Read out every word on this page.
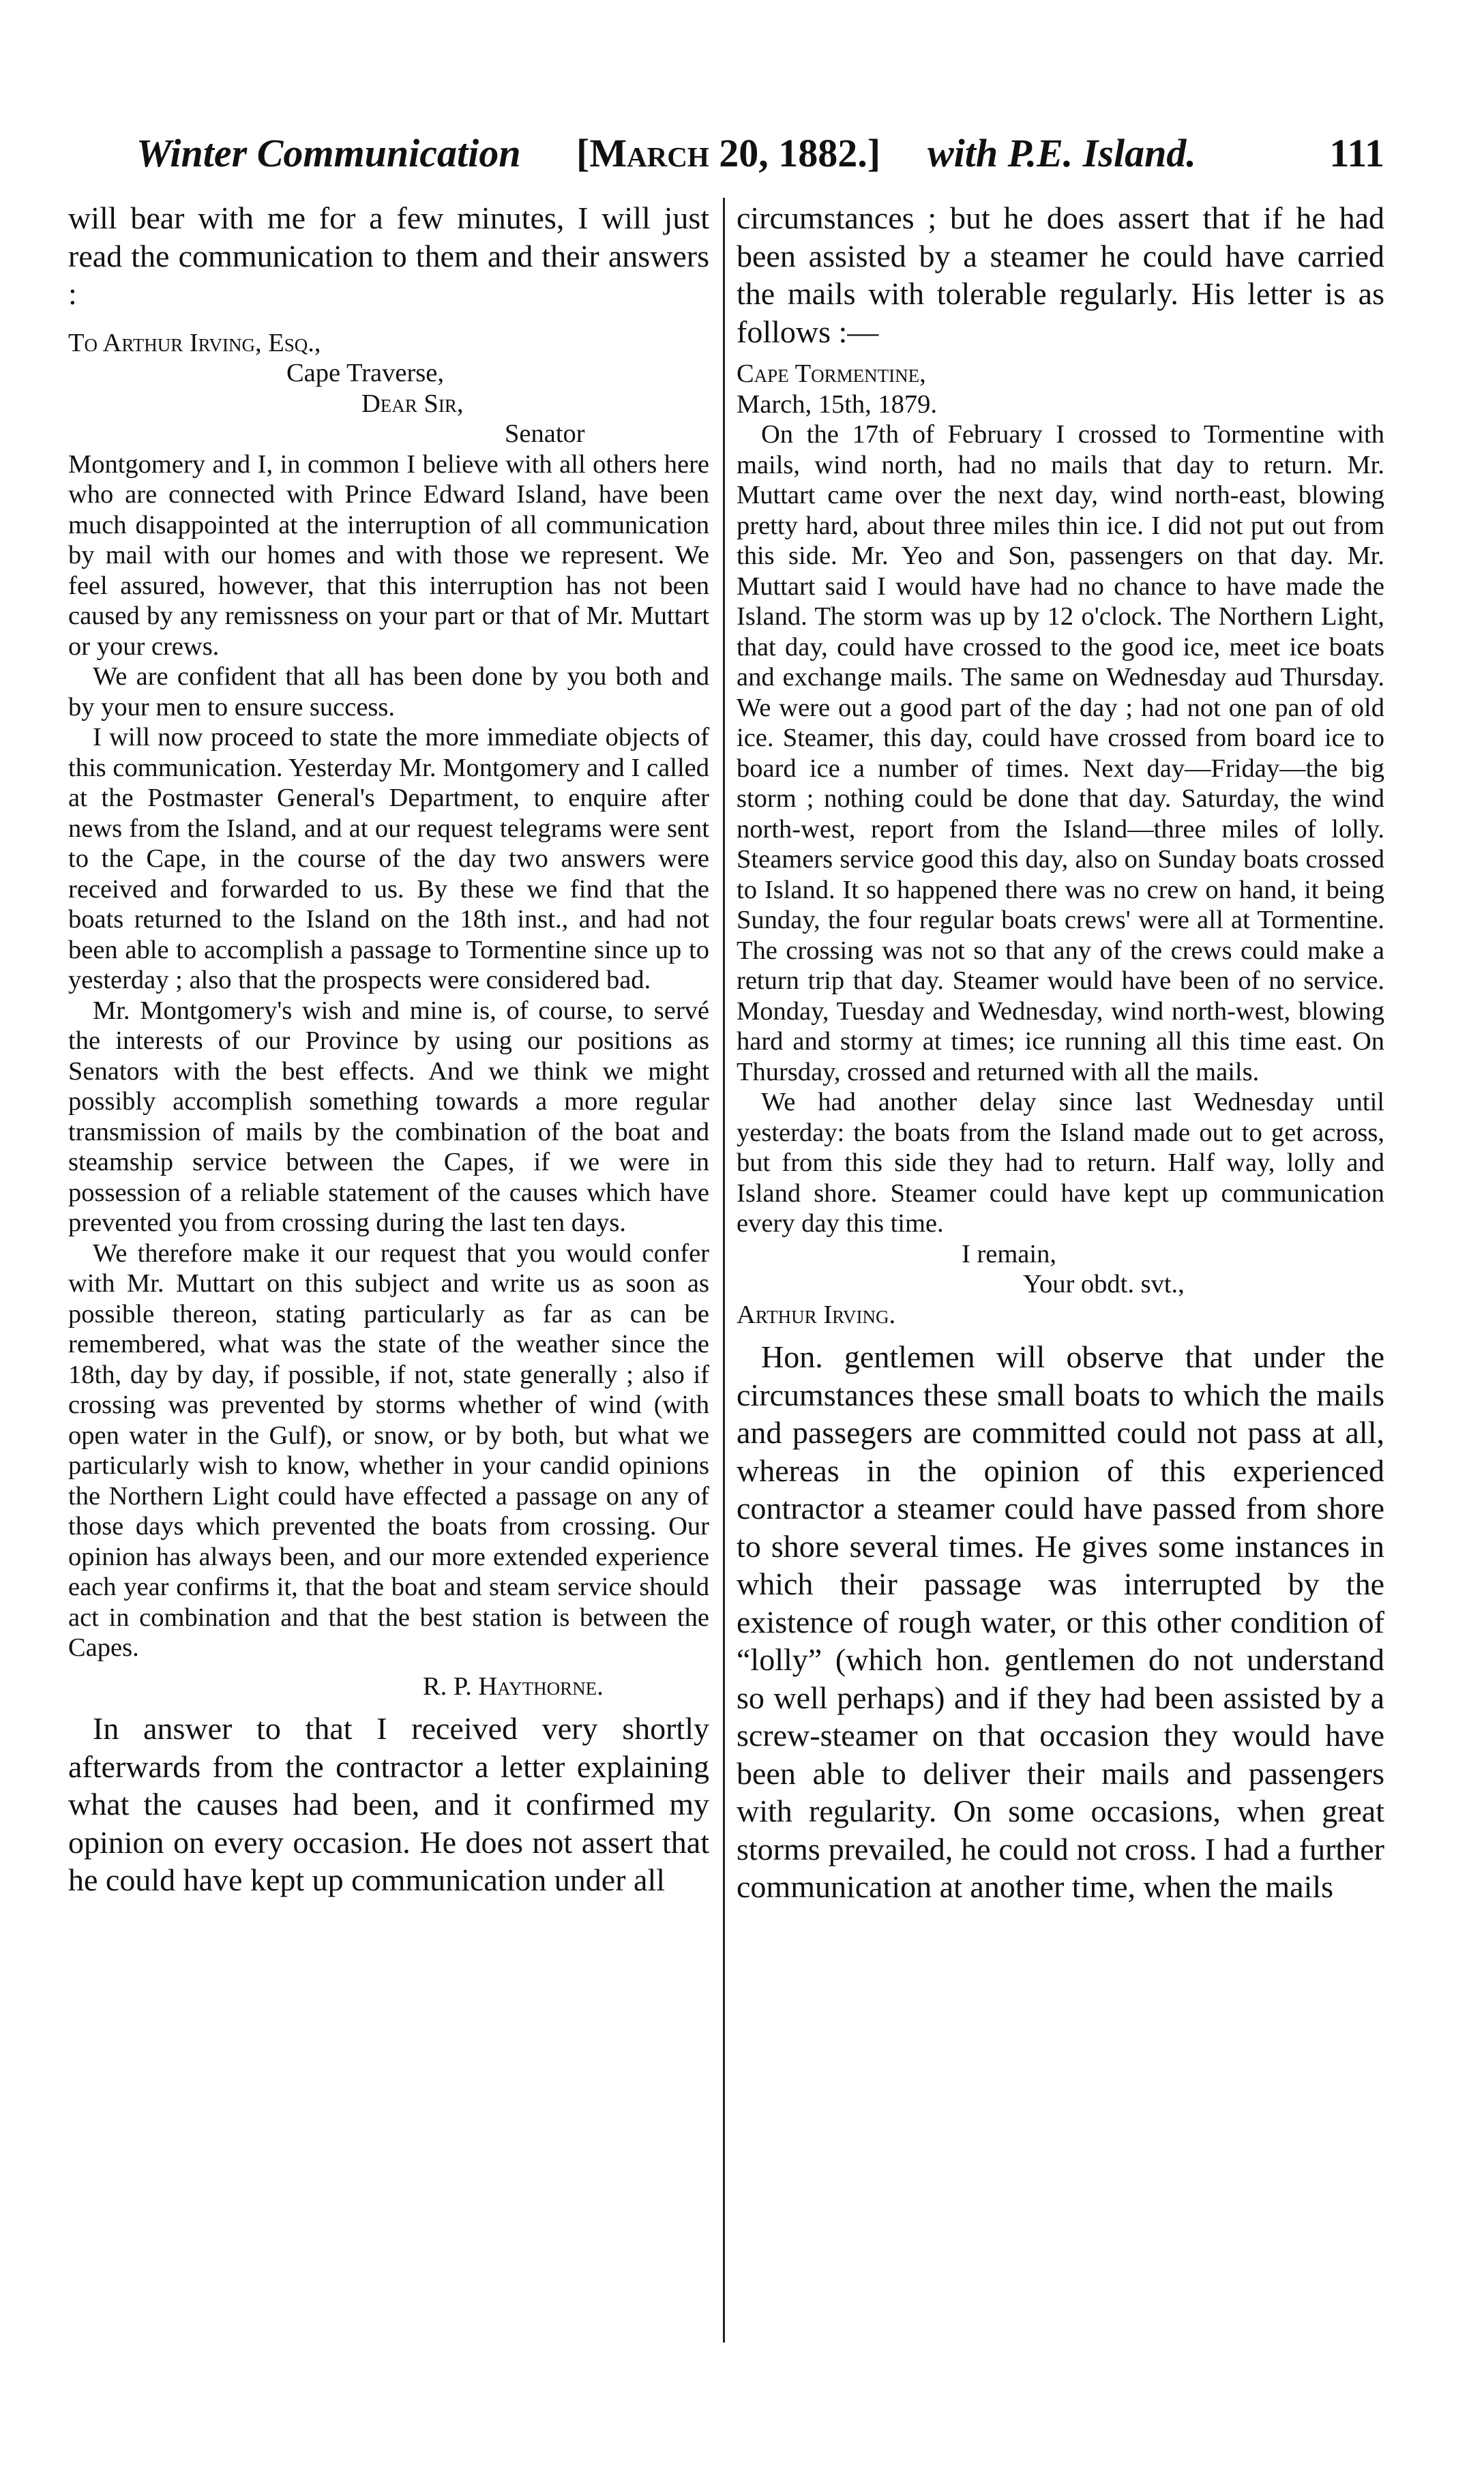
Winter Communication [March 20, 1882.] with P.E. Island.	111

will bear with me for a few minutes, I will just read the communication to them and their answers :

To Arthur Irving, Esq.,

Cape Traverse,

Dear Sir,

Senator Montgomery and I, in common I believe with all others here who are connected with Prince Edward Island, have been much disappointed at the interruption of all communication by mail with our homes and with those we represent. We feel assured, however, that this interruption has not been caused by any remissness on your part or that of Mr. Muttart or your crews.

We are confident that all has been done by you both and by your men to ensure success.

I will now proceed to state the more immediate objects of this communication. Yesterday Mr. Montgomery and I called at the Postmaster General's Department, to enquire after news from the Island, and at our request telegrams were sent to the Cape, in the course of the day two answers were received and forwarded to us. By these we find that the boats returned to the Island on the 18th inst., and had not been able to accomplish a passage to Tormentine since up to yesterday ; also that the prospects were considered bad.

Mr. Montgomery's wish and mine is, of course, to servé the interests of our Province by using our positions as Senators with the best effects. And we think we might possibly accomplish something towards a more regular transmission of mails by the combination of the boat and steamship service between the Capes, if we were in possession of a reliable statement of the causes which have prevented you from crossing during the last ten days.

We therefore make it our request that you would confer with Mr. Muttart on this subject and write us as soon as possible thereon, stating particularly as far as can be remembered, what was the state of the weather since the 18th, day by day, if possible, if not, state generally ; also if crossing was prevented by storms whether of wind (with open water in the Gulf), or snow, or by both, but what we particularly wish to know, whether in your candid opinions the Northern Light could have effected a passage on any of those days which prevented the boats from crossing. Our opinion has always been, and our more extended experience each year confirms it, that the boat and steam service should act in combination and that the best station is between the Capes.

R. P. Haythorne.

In answer to that I received very shortly afterwards from the contractor a letter explaining what the causes had been, and it confirmed my opinion on every occasion. He does not assert that he could have kept up communication under all

circumstances ; but he does assert that if he had been assisted by a steamer he could have carried the mails with tolerable regularly. His letter is as follows :—

Cape Tormentine,

March, 15th, 1879.

On the 17th of February I crossed to Tormentine with mails, wind north, had no mails that day to return. Mr. Muttart came over the next day, wind north-east, blowing pretty hard, about three miles thin ice. I did not put out from this side. Mr. Yeo and Son, passengers on that day. Mr. Muttart said I would have had no chance to have made the Island. The storm was up by 12 o'clock. The Northern Light, that day, could have crossed to the good ice, meet ice boats and exchange mails. The same on Wednesday aud Thursday. We were out a good part of the day ; had not one pan of old ice. Steamer, this day, could have crossed from board ice to board ice a number of times. Next day—Friday—the big storm ; nothing could be done that day. Saturday, the wind north-west, report from the Island—three miles of lolly. Steamers service good this day, also on Sunday boats crossed to Island. It so happened there was no crew on hand, it being Sunday, the four regular boats crews' were all at Tormentine. The crossing was not so that any of the crews could make a return trip that day. Steamer would have been of no service. Monday, Tuesday and Wednesday, wind north-west, blowing hard and stormy at times; ice running all this time east. On Thursday, crossed and returned with all the mails.

We had another delay since last Wednesday until yesterday: the boats from the Island made out to get across, but from this side they had to return. Half way, lolly and Island shore. Steamer could have kept up communication every day this time.

I remain,

Your obdt. svt.,

Arthur Irving.

Hon. gentlemen will observe that under the circumstances these small boats to which the mails and passegers are committed could not pass at all, whereas in the opinion of this experienced contractor a steamer could have passed from shore to shore several times. He gives some instances in which their passage was interrupted by the existence of rough water, or this other condition of “lolly” (which hon. gentlemen do not understand so well perhaps) and if they had been assisted by a screw-steamer on that occasion they would have been able to deliver their mails and passengers with regularity. On some occasions, when great storms prevailed, he could not cross. I had a further communication at another time, when the mails
